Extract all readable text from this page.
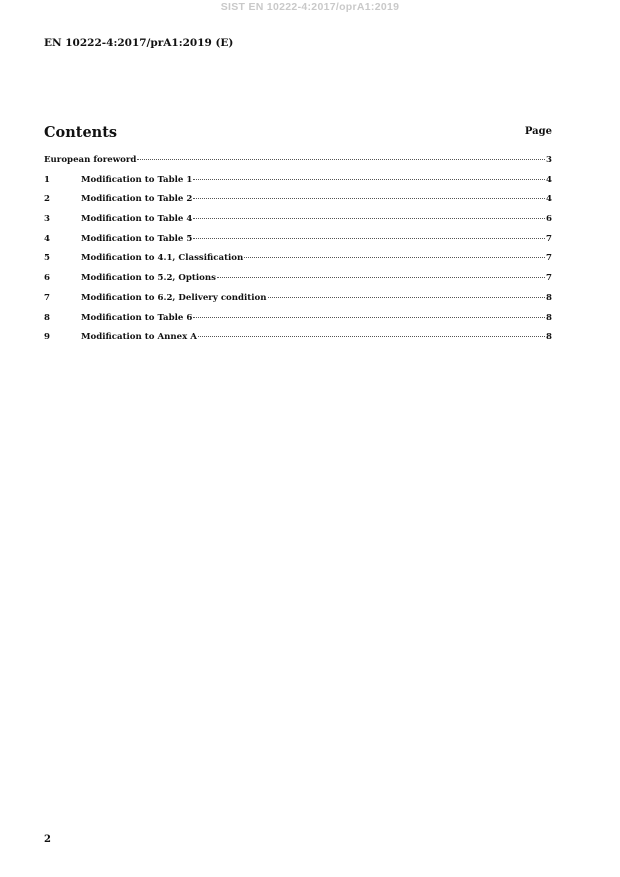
SIST EN 10222-4:2017/oprA1:2019
EN 10222-4:2017/prA1:2019 (E)
Contents	Page
European foreword	3
1	Modification to Table 1	4
2	Modification to Table 2	4
3	Modification to Table 4	6
4	Modification to Table 5	7
5	Modification to 4.1, Classification	7
6	Modification to 5.2, Options	7
7	Modification to 6.2, Delivery condition	8
8	Modification to Table 6	8
9	Modification to Annex A	8
2
